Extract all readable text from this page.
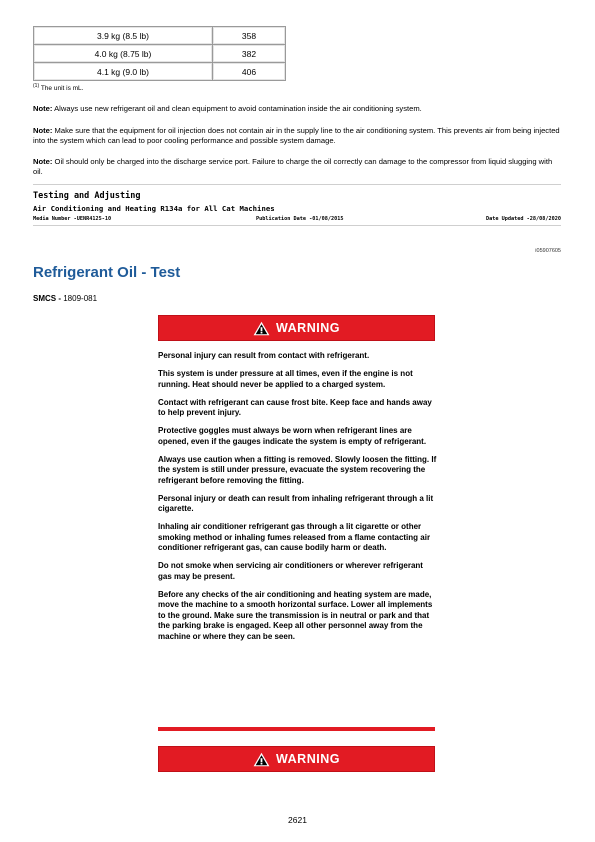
3.9 kg (8.5 lb)	358
4.0 kg (8.75 lb)	382
4.1 kg (9.0 lb)	406
$^{(1)}$ The unit is mL.

Note: Always use new refrigerant oil and clean equipment to avoid contamination inside the air conditioning system.

Note: Make sure that the equipment for oil injection does not contain air in the supply line to the air conditioning system. This prevents air from being injected into the system which can lead to poor cooling performance and possible system damage.

Note: Oil should only be charged into the discharge service port. Failure to charge the oil correctly can damage to the compressor from liquid slugging with oil.

Testing and Adjusting
Air Conditioning and Heating R134a for All Cat Machines
Media Number -UENR4125-10	Publication Date -01/08/2015	Date Updated -28/08/2020
i05907605
Refrigerant Oil - Test
SMCS - 1809-081
WARNING

Personal injury can result from contact with refrigerant.

This system is under pressure at all times, even if the engine is not running. Heat should never be applied to a charged system.

Contact with refrigerant can cause frost bite. Keep face and hands away to help prevent injury.

Protective goggles must always be worn when refrigerant lines are opened, even if the gauges indicate the system is empty of refrigerant.

Always use caution when a fitting is removed. Slowly loosen the fitting. If the system is still under pressure, evacuate the system recovering the refrigerant before removing the fitting.

Personal injury or death can result from inhaling refrigerant through a lit cigarette.

Inhaling air conditioner refrigerant gas through a lit cigarette or other smoking method or inhaling fumes released from a flame contacting air conditioner refrigerant gas, can cause bodily harm or death.

Do not smoke when servicing air conditioners or wherever refrigerant gas may be present.

Before any checks of the air conditioning and heating system are made, move the machine to a smooth horizontal surface. Lower all implements to the ground. Make sure the transmission is in neutral or park and that the parking brake is engaged. Keep all other personnel away from the machine or where they can be seen.

WARNING
2621
